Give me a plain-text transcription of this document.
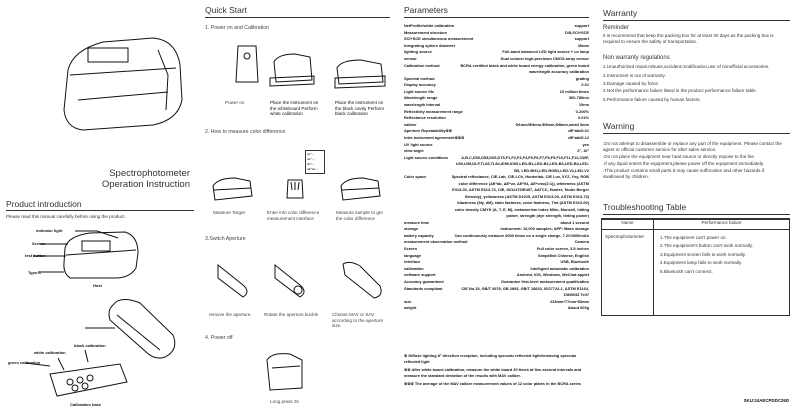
Spectrophotometer
Operation Instruction
Product introduction
Please read this manual carefully before using the product.
indicator light
Screen
test button
Type-C
Host
white calibration
black calibration
green calibration
Calibration base
Quick Start
1. Power on and Calibration
Power on	Place the instrument on the whiteboard Perform white calibration
Place the instrument on the black cavity Perform black calibration
2. How to measure color difference
dL*:--
da*:--
db*:--
dE*ab:--
Measure Target	Enter into color difference measurement interface
Measure sample to get the color difference
3.Switch Aperture
remove the aperture.	Rotate the aperture buckle	Choose MAV or SAV according to the aperture size.
4. Power off
Long press 3s
Parameters
NetProfile/white calibration	support
Measurement structure	D/8,SCI+SCE
SCI+SCE simultaneous measurement	support
Integrating sphere diameter	40mm
lighting source	Full-band balanced LED light source + uv lamp
sensor	Dual column high-precision CMOS array sensor
Calibration method	BCRA certified black and white board energy calibration, green board wavelength accuracy calibration
Spectral method	grating
Display accuracy	0.01
Light source life	10 million times
Wavelength range	360-780nm
wavelength interval	10nm
Reflectivity measurement range	0-200%
Reflectance resolution	0.01%
caliber	Φ1mm/Φ3mm,Φ8mm,Φ8mm,small 3mm
Aperture Repeatability※※	dE*ab≤0.01
inter-instrument agreement※※※	dE*ab≤0.12
UV light source	yes
view angle	2°, 10°
Light source conditions	A,B,C,D50,D55,D65,D75,F1,F2,F3,F4,F5,F6,F7,F8,F9,F10,F11,F12,CWF, U30,U35,DLF,TL83,TL84,ID50,ID65,LED-B1,LED-B2,LED-B3,LED-B4,LED-B5, LED-BH1,LED-RGB1,LED-V1,LED-V2
Color space	Spectral reflectance, CIE-Lab, CIE-LCh, Hunterlab, CIE Luv, XYZ, Yxy, RGB color difference (ΔE*ab, ΔE*uv, ΔE*94, ΔE*cmc(2:1)), whiteness (ASTM E313-00, ASTM E313-73, CIE, ISO2470/R457, AATCC, Hunter, Taube Berger Stensby), yellowness (ASTM D1925, ASTM E313-00, ASTM E313-73) blackness (My, dM), stain fastness, color fastness, Tint (ASTM E313-00) color density CMYK (A, T, E, M), metamerism index Milm, Munsell, hiding power, strength (dye strength, tinting power)
measure time	about 1 second
storage	Instrument: 10,000 samples; APP: Mass storage
battery capacity	Can continuously measure 8000 times on a single charge, 7.2V/3000mAh
measurement observation method	Camera
Screen	Full color screen, 3.5 inches
language	Simplified Chinese, English
interface	USB, Bluetooth
calibration	Intelligent automatic calibration
software support	Android, iOS, Windows, WeChat applet
Accuracy guaranteed	Guarantee first-level measurement qualification
Standards compliant	CIE No.15, GB/T 3978, GB 2893, GB/T 18833, ISO7724-1, ASTM E1164, DIN5033 Teil7
size	233mm*77mm*83mm
weight	About 600g
※ Diffuse lighting 8° direction reception, including specular reflected light/removing specular reflected light
※※ After white board calibration, measure the white board 30 times at five-second intervals and measure the standard deviation of the results with MAV caliber.
※※※ The average of the MAV caliber measurement values of 12 color plates in the BCRA series
Warranty
Reminder
It is recommend that keep the packing box for at least 30 days as the packing box is required to ensure the safety of transportation.
Non warranty regulations
1.Unauthorized repair,misuse,accident,modification,use of nonofficial accessories.
2.Instrument is out of warranty.
3.Damage caused by force.
4.Not the performance failure listed in the product performance failure table.
5.Performance failure caused by human factors.
Warning
.Do not attempt to disassemble or replace any part of the equipment. Please contact the agent or official customer service for after sales service.
.Do not place the equipment near heat source or directly expose to the fire.
.If any liquid enters the equipment,please power off the equipment immediately.
.This product contains small parts.It may cause suffocation and other hazards.if swallowed by children.
Troubleshooting Table
Name	Performance failure
Spectrophotometer	1.The equipment can't power on.
2.The equipment's button can't work normally.
3.Equipment screen fails to work normally.
4.Equipment lamp fails to work normally.
5.Bluetooth can't connect.
SKU:24AECPDDC26D
